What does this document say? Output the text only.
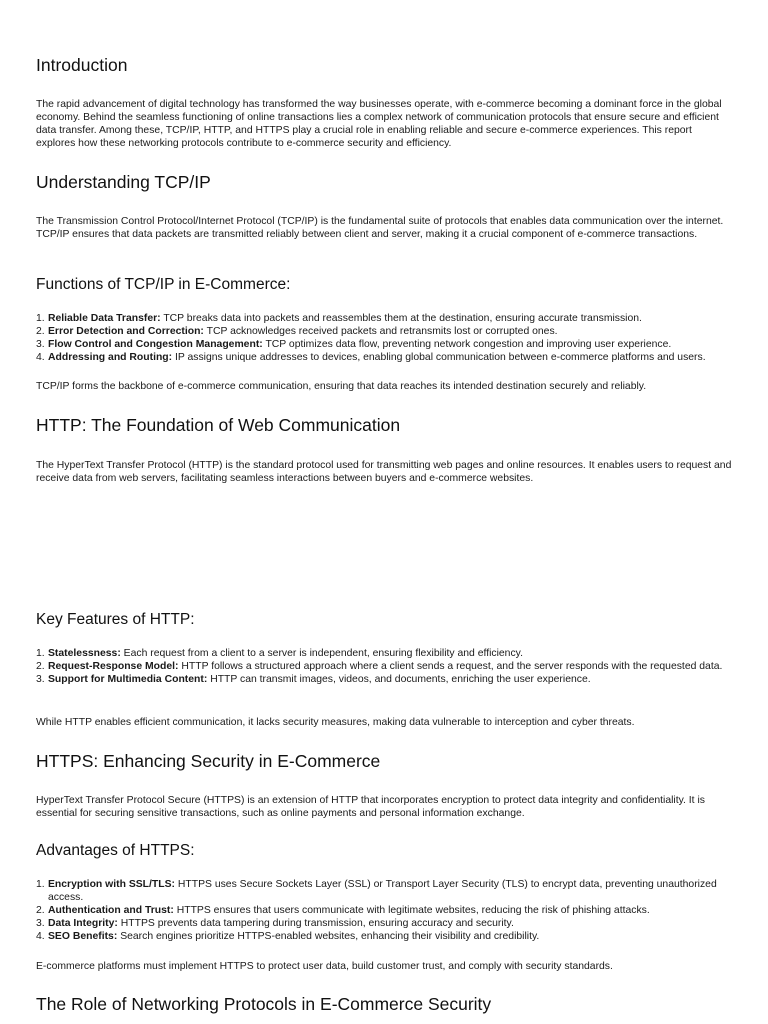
Introduction

The rapid advancement of digital technology has transformed the way businesses operate, with e-commerce becoming a dominant force in the global economy. Behind the seamless functioning of online transactions lies a complex network of communication protocols that ensure secure and efficient data transfer. Among these, TCP/IP, HTTP, and HTTPS play a crucial role in enabling reliable and secure e-commerce experiences. This report explores how these networking protocols contribute to e-commerce security and efficiency.

Understanding TCP/IP

The Transmission Control Protocol/Internet Protocol (TCP/IP) is the fundamental suite of protocols that enables data communication over the internet. TCP/IP ensures that data packets are transmitted reliably between client and server, making it a crucial component of e-commerce transactions.

Functions of TCP/IP in E-Commerce:
1. Reliable Data Transfer: TCP breaks data into packets and reassembles them at the destination, ensuring accurate transmission.
2. Error Detection and Correction: TCP acknowledges received packets and retransmits lost or corrupted ones.
3. Flow Control and Congestion Management: TCP optimizes data flow, preventing network congestion and improving user experience.
4. Addressing and Routing: IP assigns unique addresses to devices, enabling global communication between e-commerce platforms and users.

TCP/IP forms the backbone of e-commerce communication, ensuring that data reaches its intended destination securely and reliably.

HTTP: The Foundation of Web Communication

The HyperText Transfer Protocol (HTTP) is the standard protocol used for transmitting web pages and online resources. It enables users to request and receive data from web servers, facilitating seamless interactions between buyers and e-commerce websites.

Key Features of HTTP:
1. Statelessness: Each request from a client to a server is independent, ensuring flexibility and efficiency.
2. Request-Response Model: HTTP follows a structured approach where a client sends a request, and the server responds with the requested data.
3. Support for Multimedia Content: HTTP can transmit images, videos, and documents, enriching the user experience.

While HTTP enables efficient communication, it lacks security measures, making data vulnerable to interception and cyber threats.

HTTPS: Enhancing Security in E-Commerce

HyperText Transfer Protocol Secure (HTTPS) is an extension of HTTP that incorporates encryption to protect data integrity and confidentiality. It is essential for securing sensitive transactions, such as online payments and personal information exchange.

Advantages of HTTPS:
1. Encryption with SSL/TLS: HTTPS uses Secure Sockets Layer (SSL) or Transport Layer Security (TLS) to encrypt data, preventing unauthorized access.
2. Authentication and Trust: HTTPS ensures that users communicate with legitimate websites, reducing the risk of phishing attacks.
3. Data Integrity: HTTPS prevents data tampering during transmission, ensuring accuracy and security.
4. SEO Benefits: Search engines prioritize HTTPS-enabled websites, enhancing their visibility and credibility.

E-commerce platforms must implement HTTPS to protect user data, build customer trust, and comply with security standards.

The Role of Networking Protocols in E-Commerce Security
